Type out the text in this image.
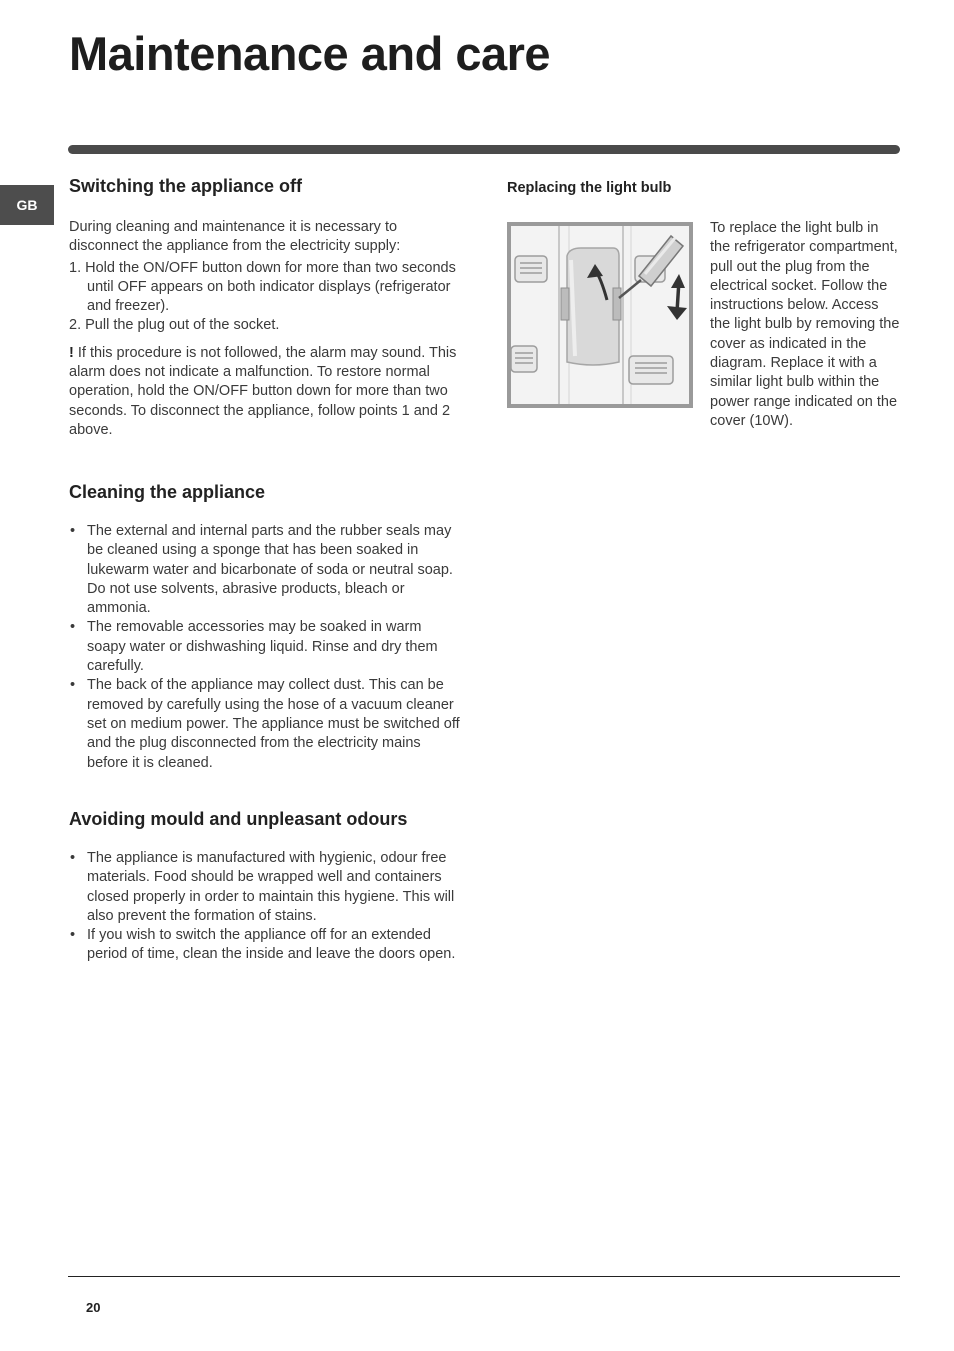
Maintenance and care
GB
Switching the appliance off

During cleaning and maintenance it is necessary to disconnect the appliance from the electricity supply:

1. Hold the ON/OFF button down for more than two seconds until OFF appears on both indicator displays (refrigerator and freezer).
2. Pull the plug out of the socket.

! If this procedure is not followed, the alarm may sound. This alarm does not indicate a malfunction. To restore normal operation, hold the ON/OFF button down for more than two seconds. To disconnect the appliance, follow points 1 and 2 above.

Cleaning the appliance
• The external and internal parts and the rubber seals may be cleaned using a sponge that has been soaked in lukewarm water and bicarbonate of soda or neutral soap. Do not use solvents, abrasive products, bleach or ammonia.
• The removable accessories may be soaked in warm soapy water or dishwashing liquid. Rinse and dry them carefully.
• The back of the appliance may collect dust. This can be removed by carefully using the hose of a vacuum cleaner set on medium power. The appliance must be switched off and the plug disconnected from the electricity mains before it is cleaned.
Avoiding mould and unpleasant odours
• The appliance is manufactured with hygienic, odour free materials. Food should be wrapped well and containers closed properly in order to maintain this hygiene. This will also prevent the formation of stains.
• If you wish to switch the appliance off for an extended period of time, clean the inside and leave the doors open.
Replacing the light bulb

To replace the light bulb in the refrigerator compartment, pull out the plug from the electrical socket. Follow the instructions below. Access the light bulb by removing the cover as indicated in the diagram. Replace it with a similar light bulb within the power range indicated on the cover (10W).

20
